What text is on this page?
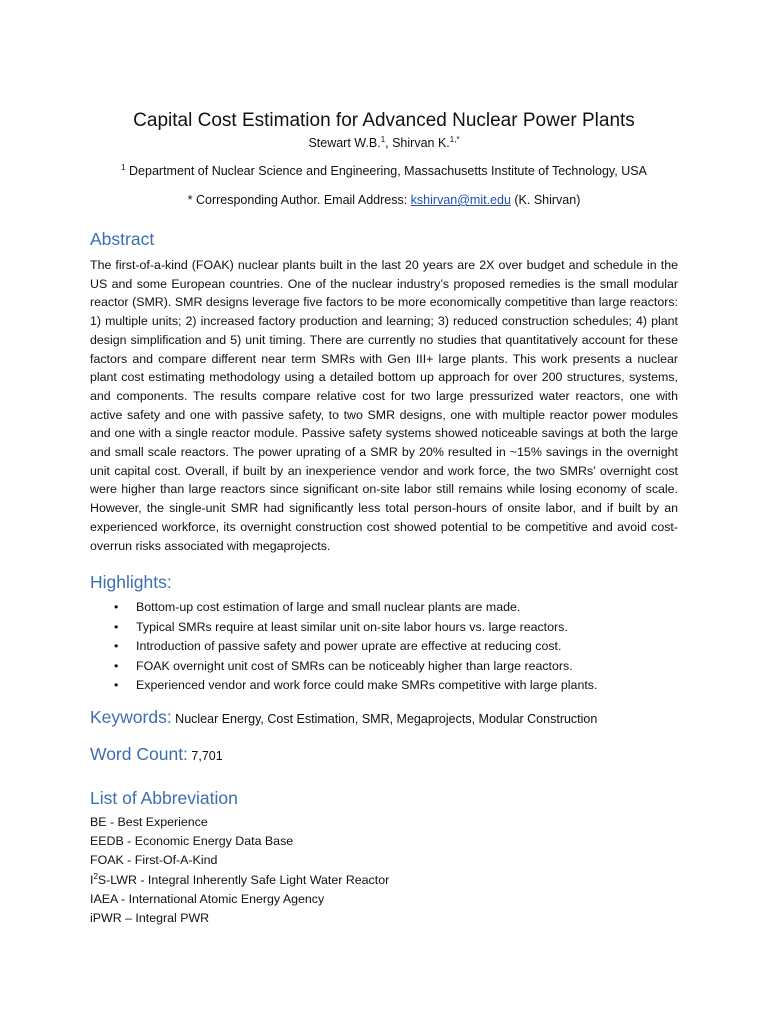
Capital Cost Estimation for Advanced Nuclear Power Plants
Stewart W.B.$^1$, Shirvan K.$^{1,*}$
$^1$ Department of Nuclear Science and Engineering, Massachusetts Institute of Technology, USA
* Corresponding Author. Email Address: kshirvan@mit.edu (K. Shirvan)
Abstract
The first-of-a-kind (FOAK) nuclear plants built in the last 20 years are 2X over budget and schedule in the US and some European countries. One of the nuclear industry’s proposed remedies is the small modular reactor (SMR). SMR designs leverage five factors to be more economically competitive than large reactors: 1) multiple units; 2) increased factory production and learning; 3) reduced construction schedules; 4) plant design simplification and 5) unit timing. There are currently no studies that quantitatively account for these factors and compare different near term SMRs with Gen III+ large plants. This work presents a nuclear plant cost estimating methodology using a detailed bottom up approach for over 200 structures, systems, and components. The results compare relative cost for two large pressurized water reactors, one with active safety and one with passive safety, to two SMR designs, one with multiple reactor power modules and one with a single reactor module. Passive safety systems showed noticeable savings at both the large and small scale reactors. The power uprating of a SMR by 20% resulted in ~15% savings in the overnight unit capital cost. Overall, if built by an inexperience vendor and work force, the two SMRs’ overnight cost were higher than large reactors since significant on-site labor still remains while losing economy of scale. However, the single-unit SMR had significantly less total person-hours of onsite labor, and if built by an experienced workforce, its overnight construction cost showed potential to be competitive and avoid cost-overrun risks associated with megaprojects.
Highlights:
• Bottom-up cost estimation of large and small nuclear plants are made.
• Typical SMRs require at least similar unit on-site labor hours vs. large reactors.
• Introduction of passive safety and power uprate are effective at reducing cost.
• FOAK overnight unit cost of SMRs can be noticeably higher than large reactors.
• Experienced vendor and work force could make SMRs competitive with large plants.
Keywords: Nuclear Energy, Cost Estimation, SMR, Megaprojects, Modular Construction
Word Count: 7,701
List of Abbreviation
BE - Best Experience
EEDB - Economic Energy Data Base
FOAK - First-Of-A-Kind
$I^2S$-LWR - Integral Inherently Safe Light Water Reactor
IAEA - International Atomic Energy Agency
iPWR – Integral PWR
